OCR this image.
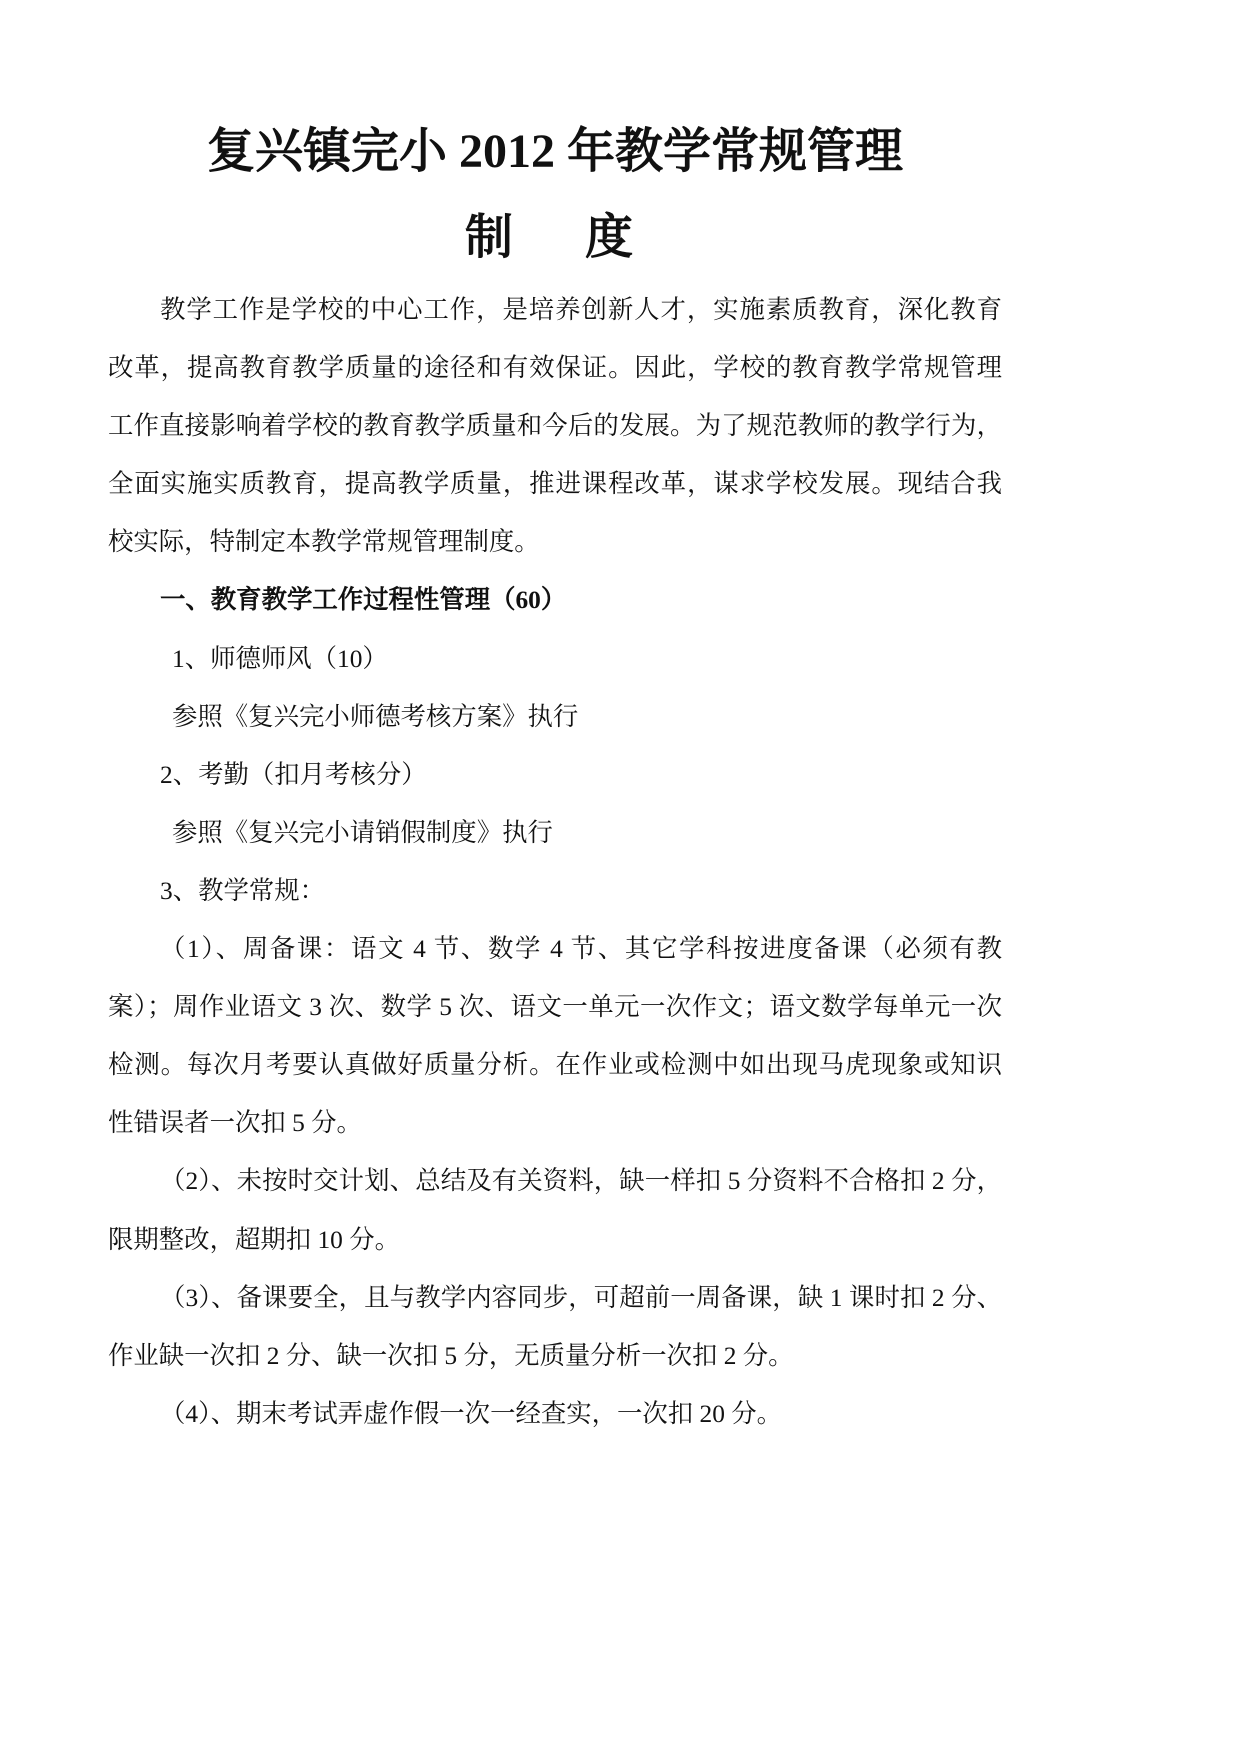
复兴镇完小 2012 年教学常规管理
制　度
教学工作是学校的中心工作，是培养创新人才，实施素质教育，深化教育
改革，提高教育教学质量的途径和有效保证。因此，学校的教育教学常规管理
工作直接影响着学校的教育教学质量和今后的发展。为了规范教师的教学行为，
全面实施实质教育，提高教学质量，推进课程改革，谋求学校发展。现结合我
校实际，特制定本教学常规管理制度。
一、教育教学工作过程性管理（60）
1、师德师风（10）
参照《复兴完小师德考核方案》执行
2、考勤（扣月考核分）
参照《复兴完小请销假制度》执行
3、教学常规：
（1）、周备课：语文 4 节、数学 4 节、其它学科按进度备课（必须有教
案）；周作业语文 3 次、数学 5 次、语文一单元一次作文；语文数学每单元一次
检测。每次月考要认真做好质量分析。在作业或检测中如出现马虎现象或知识
性错误者一次扣 5 分。
（2）、未按时交计划、总结及有关资料，缺一样扣 5 分资料不合格扣 2 分，
限期整改，超期扣 10 分。
（3）、备课要全，且与教学内容同步，可超前一周备课，缺 1 课时扣 2 分、
作业缺一次扣 2 分、缺一次扣 5 分，无质量分析一次扣 2 分。
（4）、期末考试弄虚作假一次一经查实，一次扣 20 分。
